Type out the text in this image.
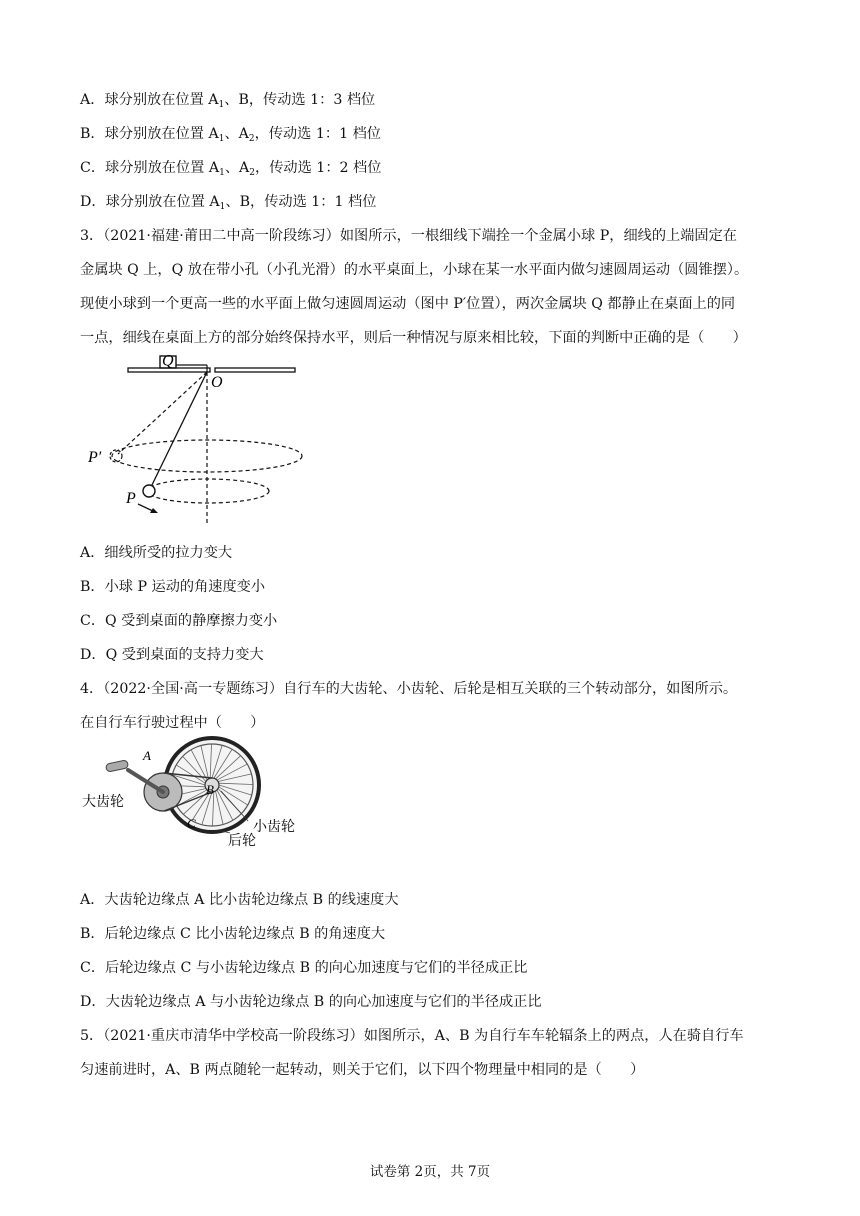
A．球分别放在位置 $A_1$、B，传动选 1：3 档位
B．球分别放在位置 $A_1$、$A_2$，传动选 1：1 档位
C．球分别放在位置 $A_1$、$A_2$，传动选 1：2 档位
D．球分别放在位置 $A_1$、B，传动选 1：1 档位
3．（2021·福建·莆田二中高一阶段练习）如图所示，一根细线下端拴一个金属小球 P，细线的上端固定在
金属块 Q 上，Q 放在带小孔（小孔光滑）的水平桌面上，小球在某一水平面内做匀速圆周运动（圆锥摆）。
现使小球到一个更高一些的水平面上做匀速圆周运动（图中 P′位置），两次金属块 Q 都静止在桌面上的同
一点，细线在桌面上方的部分始终保持水平，则后一种情况与原来相比较，下面的判断中正确的是（　　）
Q
O
P′
P
A．细线所受的拉力变大
B．小球 P 运动的角速度变小
C．Q 受到桌面的静摩擦力变小
D．Q 受到桌面的支持力变大
4．（2022·全国·高一专题练习）自行车的大齿轮、小齿轮、后轮是相互关联的三个转动部分，如图所示。
在自行车行驶过程中（　　）
A
B
C
大齿轮
小齿轮
后轮
A．大齿轮边缘点 A 比小齿轮边缘点 B 的线速度大
B．后轮边缘点 C 比小齿轮边缘点 B 的角速度大
C．后轮边缘点 C 与小齿轮边缘点 B 的向心加速度与它们的半径成正比
D．大齿轮边缘点 A 与小齿轮边缘点 B 的向心加速度与它们的半径成正比
5．（2021·重庆市清华中学校高一阶段练习）如图所示，A、B 为自行车车轮辐条上的两点，人在骑自行车
匀速前进时，A、B 两点随轮一起转动，则关于它们，以下四个物理量中相同的是（　　）
试卷第 2页，共 7页
